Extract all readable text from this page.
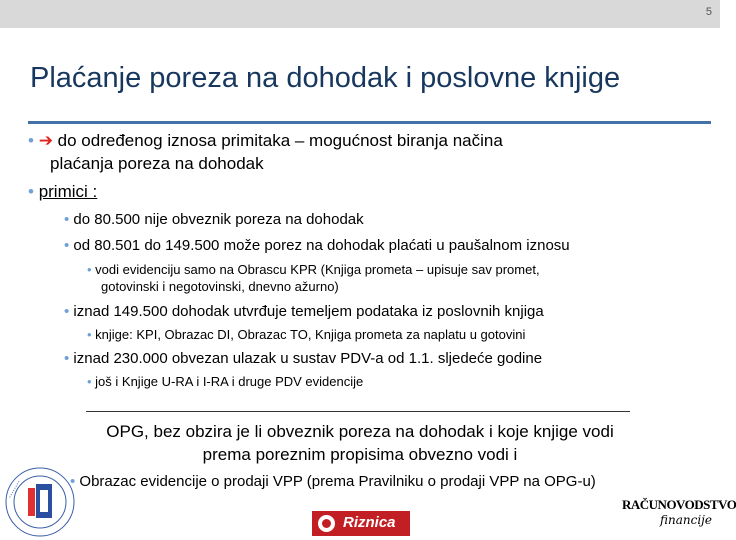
5
Plaćanje poreza na dohodak i poslovne knjige
• ➔ do određenog iznosa primitaka – mogućnost biranja načina
plaćanja poreza na dohodak
• primici :
• do 80.500 nije obveznik poreza na dohodak
• od 80.501 do 149.500 može porez na dohodak plaćati u paušalnom iznosu
• vodi evidenciju samo na Obrascu KPR (Knjiga prometa – upisuje sav promet,
gotovinski i negotovinski, dnevno ažurno)
• iznad 149.500 dohodak utvrđuje temeljem podataka iz poslovnih knjiga
• knjige: KPI, Obrazac DI, Obrazac TO, Knjiga prometa za naplatu u gotovini
• iznad 230.000 obvezan ulazak u sustav PDV-a od 1.1. sljedeće godine
• još i Knjige U-RA i I-RA i druge PDV evidencije
OPG, bez obzira je li obveznik poreza na dohodak i koje knjige vodi
prema poreznim propisima obvezno vodi i
• Obrazac evidencije o prodaji VPP (prema Pravilniku o prodaji VPP na OPG-u)
• • • • • • • •
Riznica
RAČUNOVODSTVO
financije
